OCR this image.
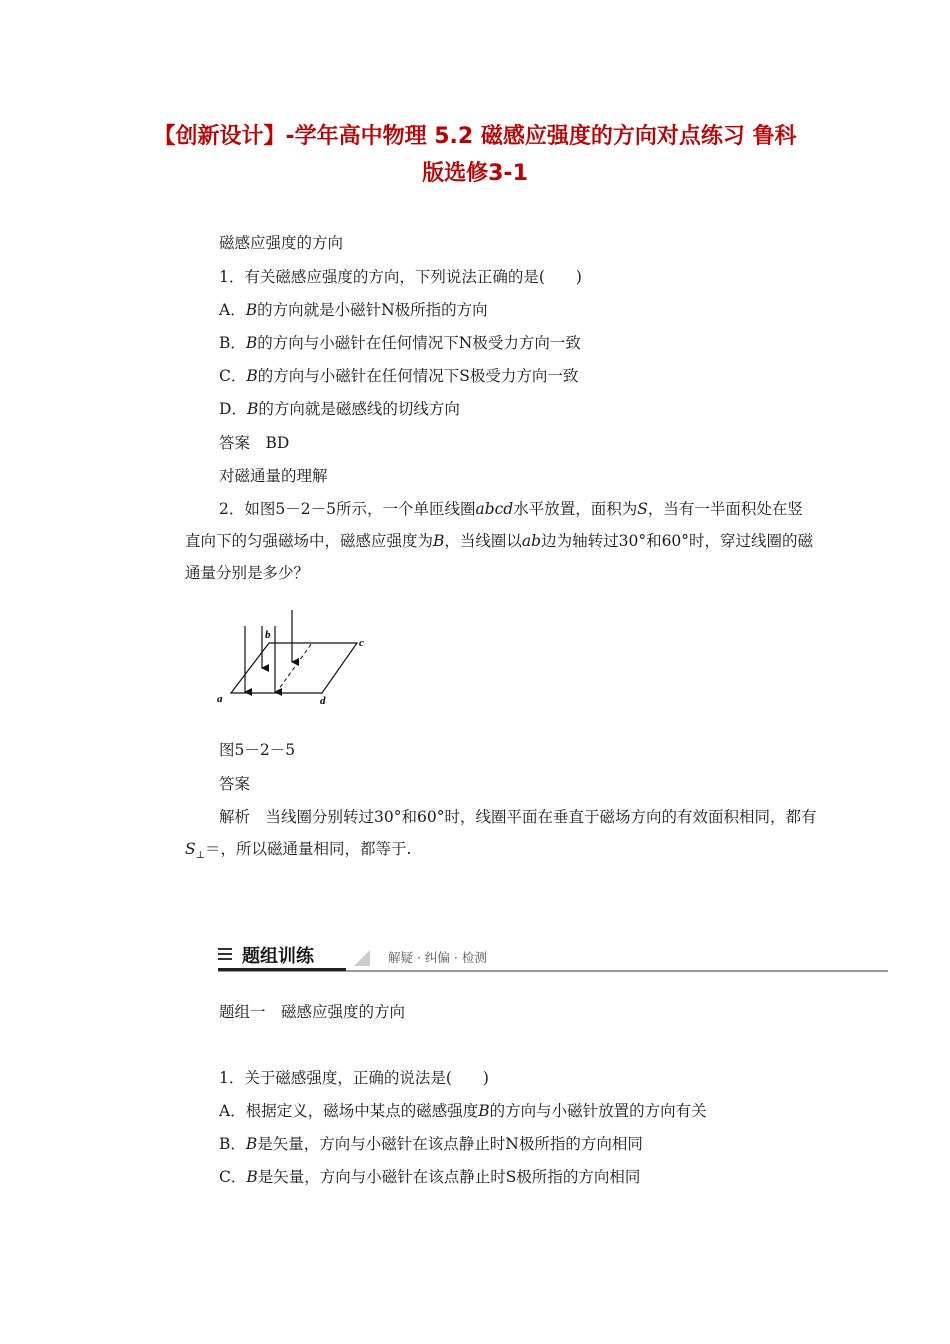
【创新设计】-学年高中物理 5.2 磁感应强度的方向对点练习 鲁科
版选修3-1
磁感应强度的方向
1．有关磁感应强度的方向，下列说法正确的是(　　)
A．B的方向就是小磁针N极所指的方向
B．B的方向与小磁针在任何情况下N极受力方向一致
C．B的方向与小磁针在任何情况下S极受力方向一致
D．B的方向就是磁感线的切线方向
答案　BD
对磁通量的理解
2．如图5－2－5所示，一个单匝线圈abcd水平放置，面积为S，当有一半面积处在竖直向下的匀强磁场中，磁感应强度为B，当线圈以ab边为轴转过30°和60°时，穿过线圈的磁通量分别是多少？
a
b
c
d
图5－2－5
答案
解析　当线圈分别转过30°和60°时，线圈平面在垂直于磁场方向的有效面积相同，都有$S_\perp=$，所以磁通量相同，都等于.
题组训练	解疑 · 纠偏 · 检测
题组一　磁感应强度的方向
1．关于磁感强度，正确的说法是(　　)
A．根据定义，磁场中某点的磁感强度B的方向与小磁针放置的方向有关
B．B是矢量，方向与小磁针在该点静止时N极所指的方向相同
C．B是矢量，方向与小磁针在该点静止时S极所指的方向相同
